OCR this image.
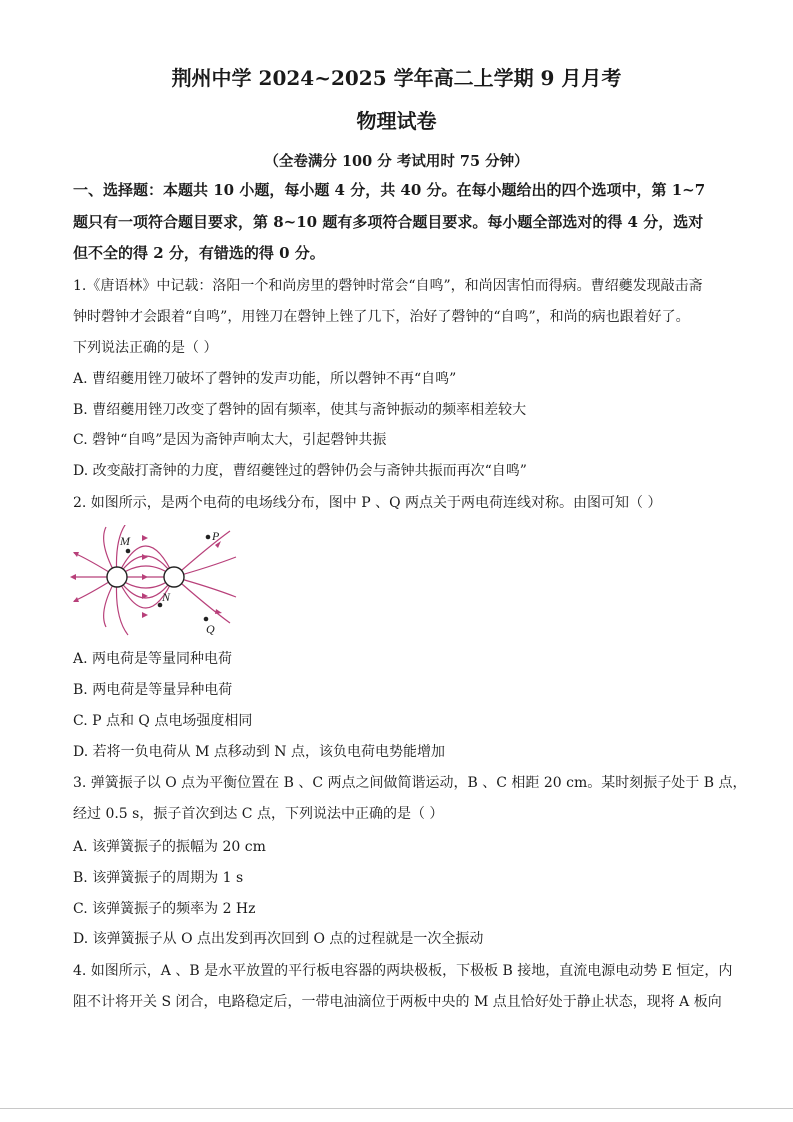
荆州中学 2024~2025 学年高二上学期 9 月月考
物理试卷
（全卷满分 100 分 考试用时 75 分钟）
一、选择题：本题共 10 小题，每小题 4 分，共 40 分。在每小题给出的四个选项中，第 1~7
题只有一项符合题目要求，第 8~10 题有多项符合题目要求。每小题全部选对的得 4 分，选对
但不全的得 2 分，有错选的得 0 分。
1.《唐语林》中记载：洛阳一个和尚房里的磬钟时常会“自鸣”，和尚因害怕而得病。曹绍夔发现敲击斋
钟时磬钟才会跟着“自鸣”，用锉刀在磬钟上锉了几下，治好了磬钟的“自鸣”，和尚的病也跟着好了。
下列说法正确的是（ ）
A. 曹绍夔用锉刀破坏了磬钟的发声功能，所以磬钟不再“自鸣”
B. 曹绍夔用锉刀改变了磬钟的固有频率，使其与斋钟振动的频率相差较大
C. 磬钟“自鸣”是因为斋钟声响太大，引起磬钟共振
D. 改变敲打斋钟的力度，曹绍夔锉过的磬钟仍会与斋钟共振而再次“自鸣”
2. 如图所示，是两个电荷的电场线分布，图中 P 、Q 两点关于两电荷连线对称。由图可知（ ）
M	P
N
Q
A. 两电荷是等量同种电荷
B. 两电荷是等量异种电荷
C. P 点和 Q 点电场强度相同
D. 若将一负电荷从 M 点移动到 N 点，该负电荷电势能增加
3. 弹簧振子以 O 点为平衡位置在 B 、C 两点之间做简谐运动，B 、C 相距 20 cm。某时刻振子处于 B 点，
经过 0.5 s，振子首次到达 C 点，下列说法中正确的是（ ）
A. 该弹簧振子的振幅为 20 cm
B. 该弹簧振子的周期为 1 s
C. 该弹簧振子的频率为 2 Hz
D. 该弹簧振子从 O 点出发到再次回到 O 点的过程就是一次全振动
4. 如图所示，A 、B 是水平放置的平行板电容器的两块极板，下极板 B 接地，直流电源电动势 E 恒定，内
阻不计将开关 S 闭合，电路稳定后，一带电油滴位于两板中央的 M 点且恰好处于静止状态，现将 A 板向
